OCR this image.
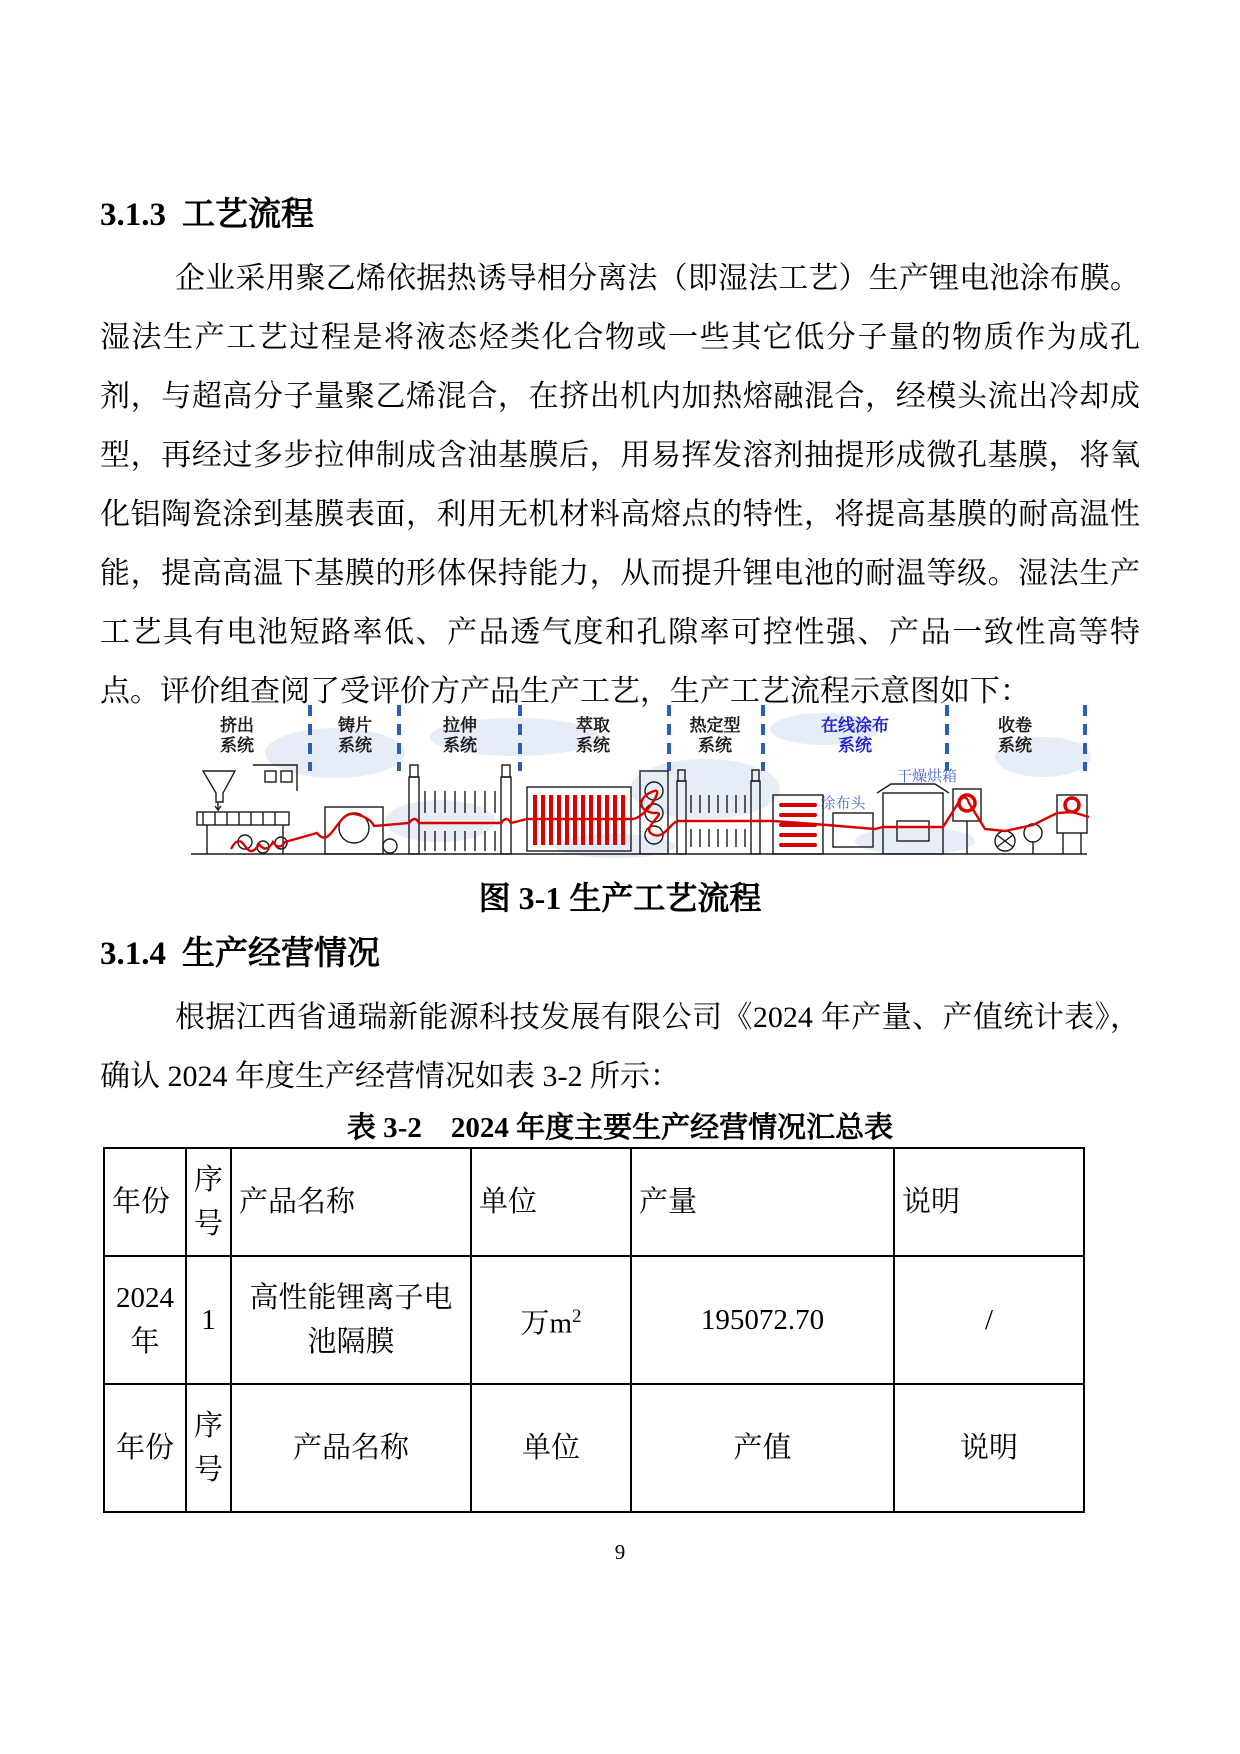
3.1.3 工艺流程

企业采用聚乙烯依据热诱导相分离法（即湿法工艺）生产锂电池涂布膜。湿法生产工艺过程是将液态烃类化合物或一些其它低分子量的物质作为成孔剂，与超高分子量聚乙烯混合，在挤出机内加热熔融混合，经模头流出冷却成型，再经过多步拉伸制成含油基膜后，用易挥发溶剂抽提形成微孔基膜，将氧化铝陶瓷涂到基膜表面，利用无机材料高熔点的特性，将提高基膜的耐高温性能，提高高温下基膜的形体保持能力，从而提升锂电池的耐温等级。湿法生产工艺具有电池短路率低、产品透气度和孔隙率可控性强、产品一致性高等特点。评价组查阅了受评价方产品生产工艺，生产工艺流程示意图如下：

挤出
系统
铸片
系统
拉伸
系统
萃取
系统
热定型
系统
在线涂布
系统
收卷
系统
干燥烘箱
涂布头
图 3-1 生产工艺流程
3.1.4 生产经营情况

根据江西省通瑞新能源科技发展有限公司《2024 年产量、产值统计表》，确认 2024 年度生产经营情况如表 3-2 所示：

表 3-2　2024 年度主要生产经营情况汇总表
年份	序号	产品名称	单位	产量	说明
2024 年	1	高性能锂离子电池隔膜	万$m^2$	195072.70	/
年份	序号	产品名称	单位	产值	说明
9
